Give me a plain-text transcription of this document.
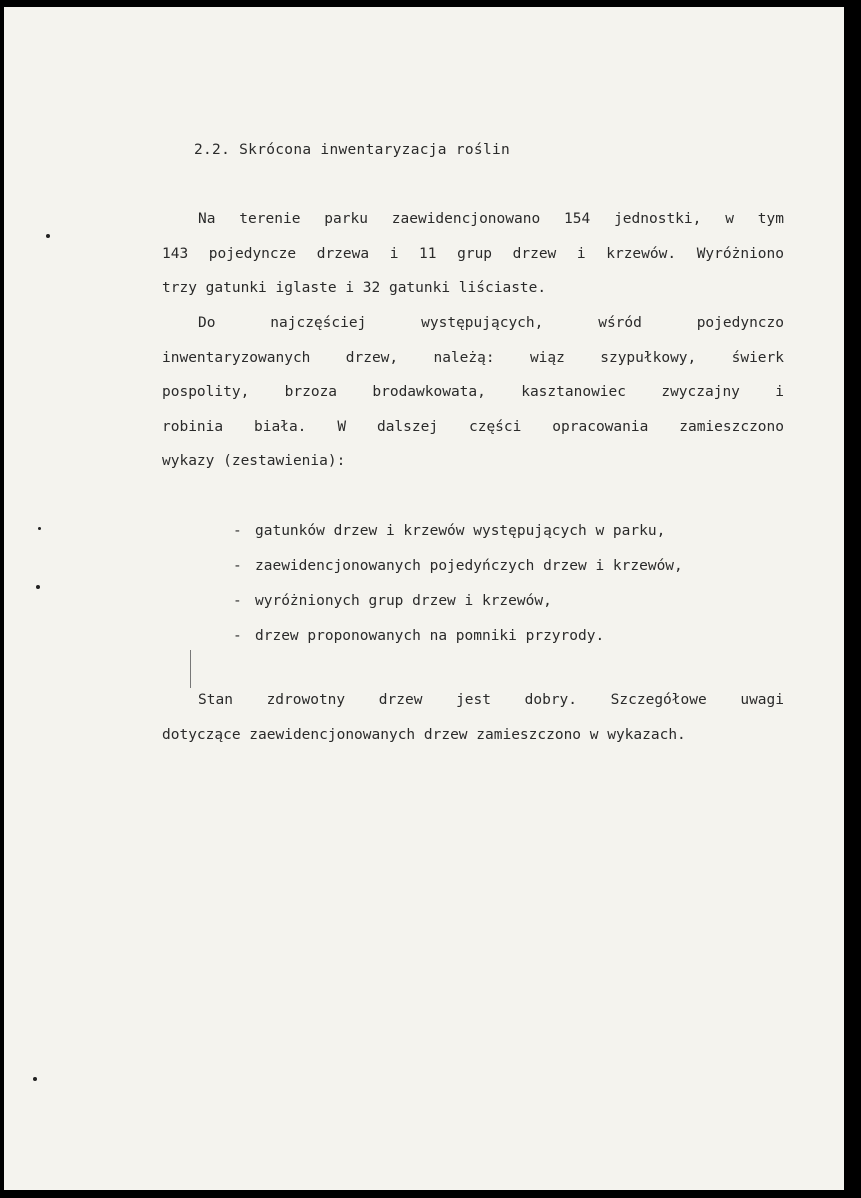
2.2. Skrócona inwentaryzacja roślin
Na terenie parku zaewidencjonowano 154 jednostki, w tym
143 pojedyncze drzewa i 11 grup drzew i krzewów. Wyróżniono
trzy gatunki iglaste i 32 gatunki liściaste.
Do najczęściej występujących, wśród pojedynczo
inwentaryzowanych drzew, należą: wiąz szypułkowy, świerk
pospolity, brzoza brodawkowata, kasztanowiec zwyczajny i
robinia biała. W dalszej części opracowania zamieszczono
wykazy (zestawienia):
- gatunków drzew i krzewów występujących w parku,
- zaewidencjonowanych pojedyńczych drzew i krzewów,
- wyróżnionych grup drzew i krzewów,
- drzew proponowanych na pomniki przyrody.
Stan zdrowotny drzew jest dobry. Szczegółowe uwagi
dotyczące zaewidencjonowanych drzew zamieszczono w wykazach.
